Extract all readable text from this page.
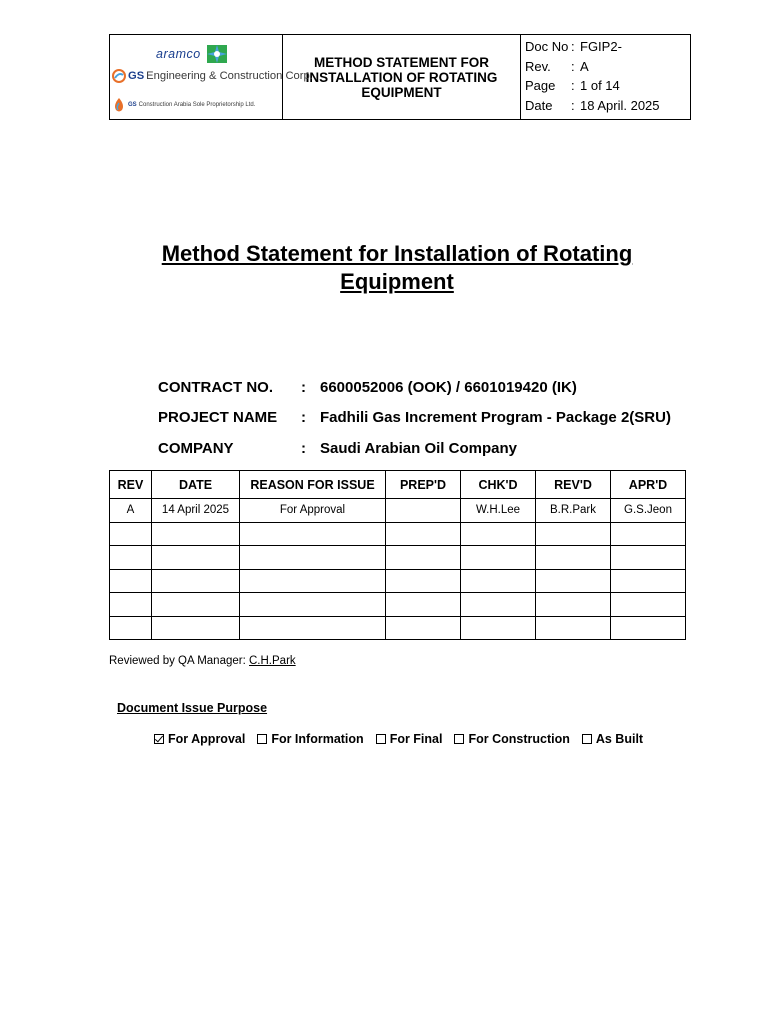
aramco
GS Engineering & Construction Corp.
GS Construction Arabia Sole Proprietorship Ltd.
	METHOD STATEMENT FOR INSTALLATION OF ROTATING EQUIPMENT	
Doc No : FGIP2-
Rev.	: A
Page	: 1 of 14
Date	: 18 April. 2025
Method Statement for Installation of Rotating Equipment
CONTRACT NO.	: 6600052006 (OOK) / 6601019420 (IK)
PROJECT NAME	: Fadhili Gas Increment Program - Package 2(SRU)
COMPANY	: Saudi Arabian Oil Company
REV	DATE	REASON FOR ISSUE	PREP'D	CHK'D	REV'D	APR'D
A	14 April 2025	For Approval		W.H.Lee	B.R.Park	G.S.Jeon

Reviewed by QA Manager: C.H.Park
Document Issue Purpose
For Approval For Information For Final For Construction As Built
